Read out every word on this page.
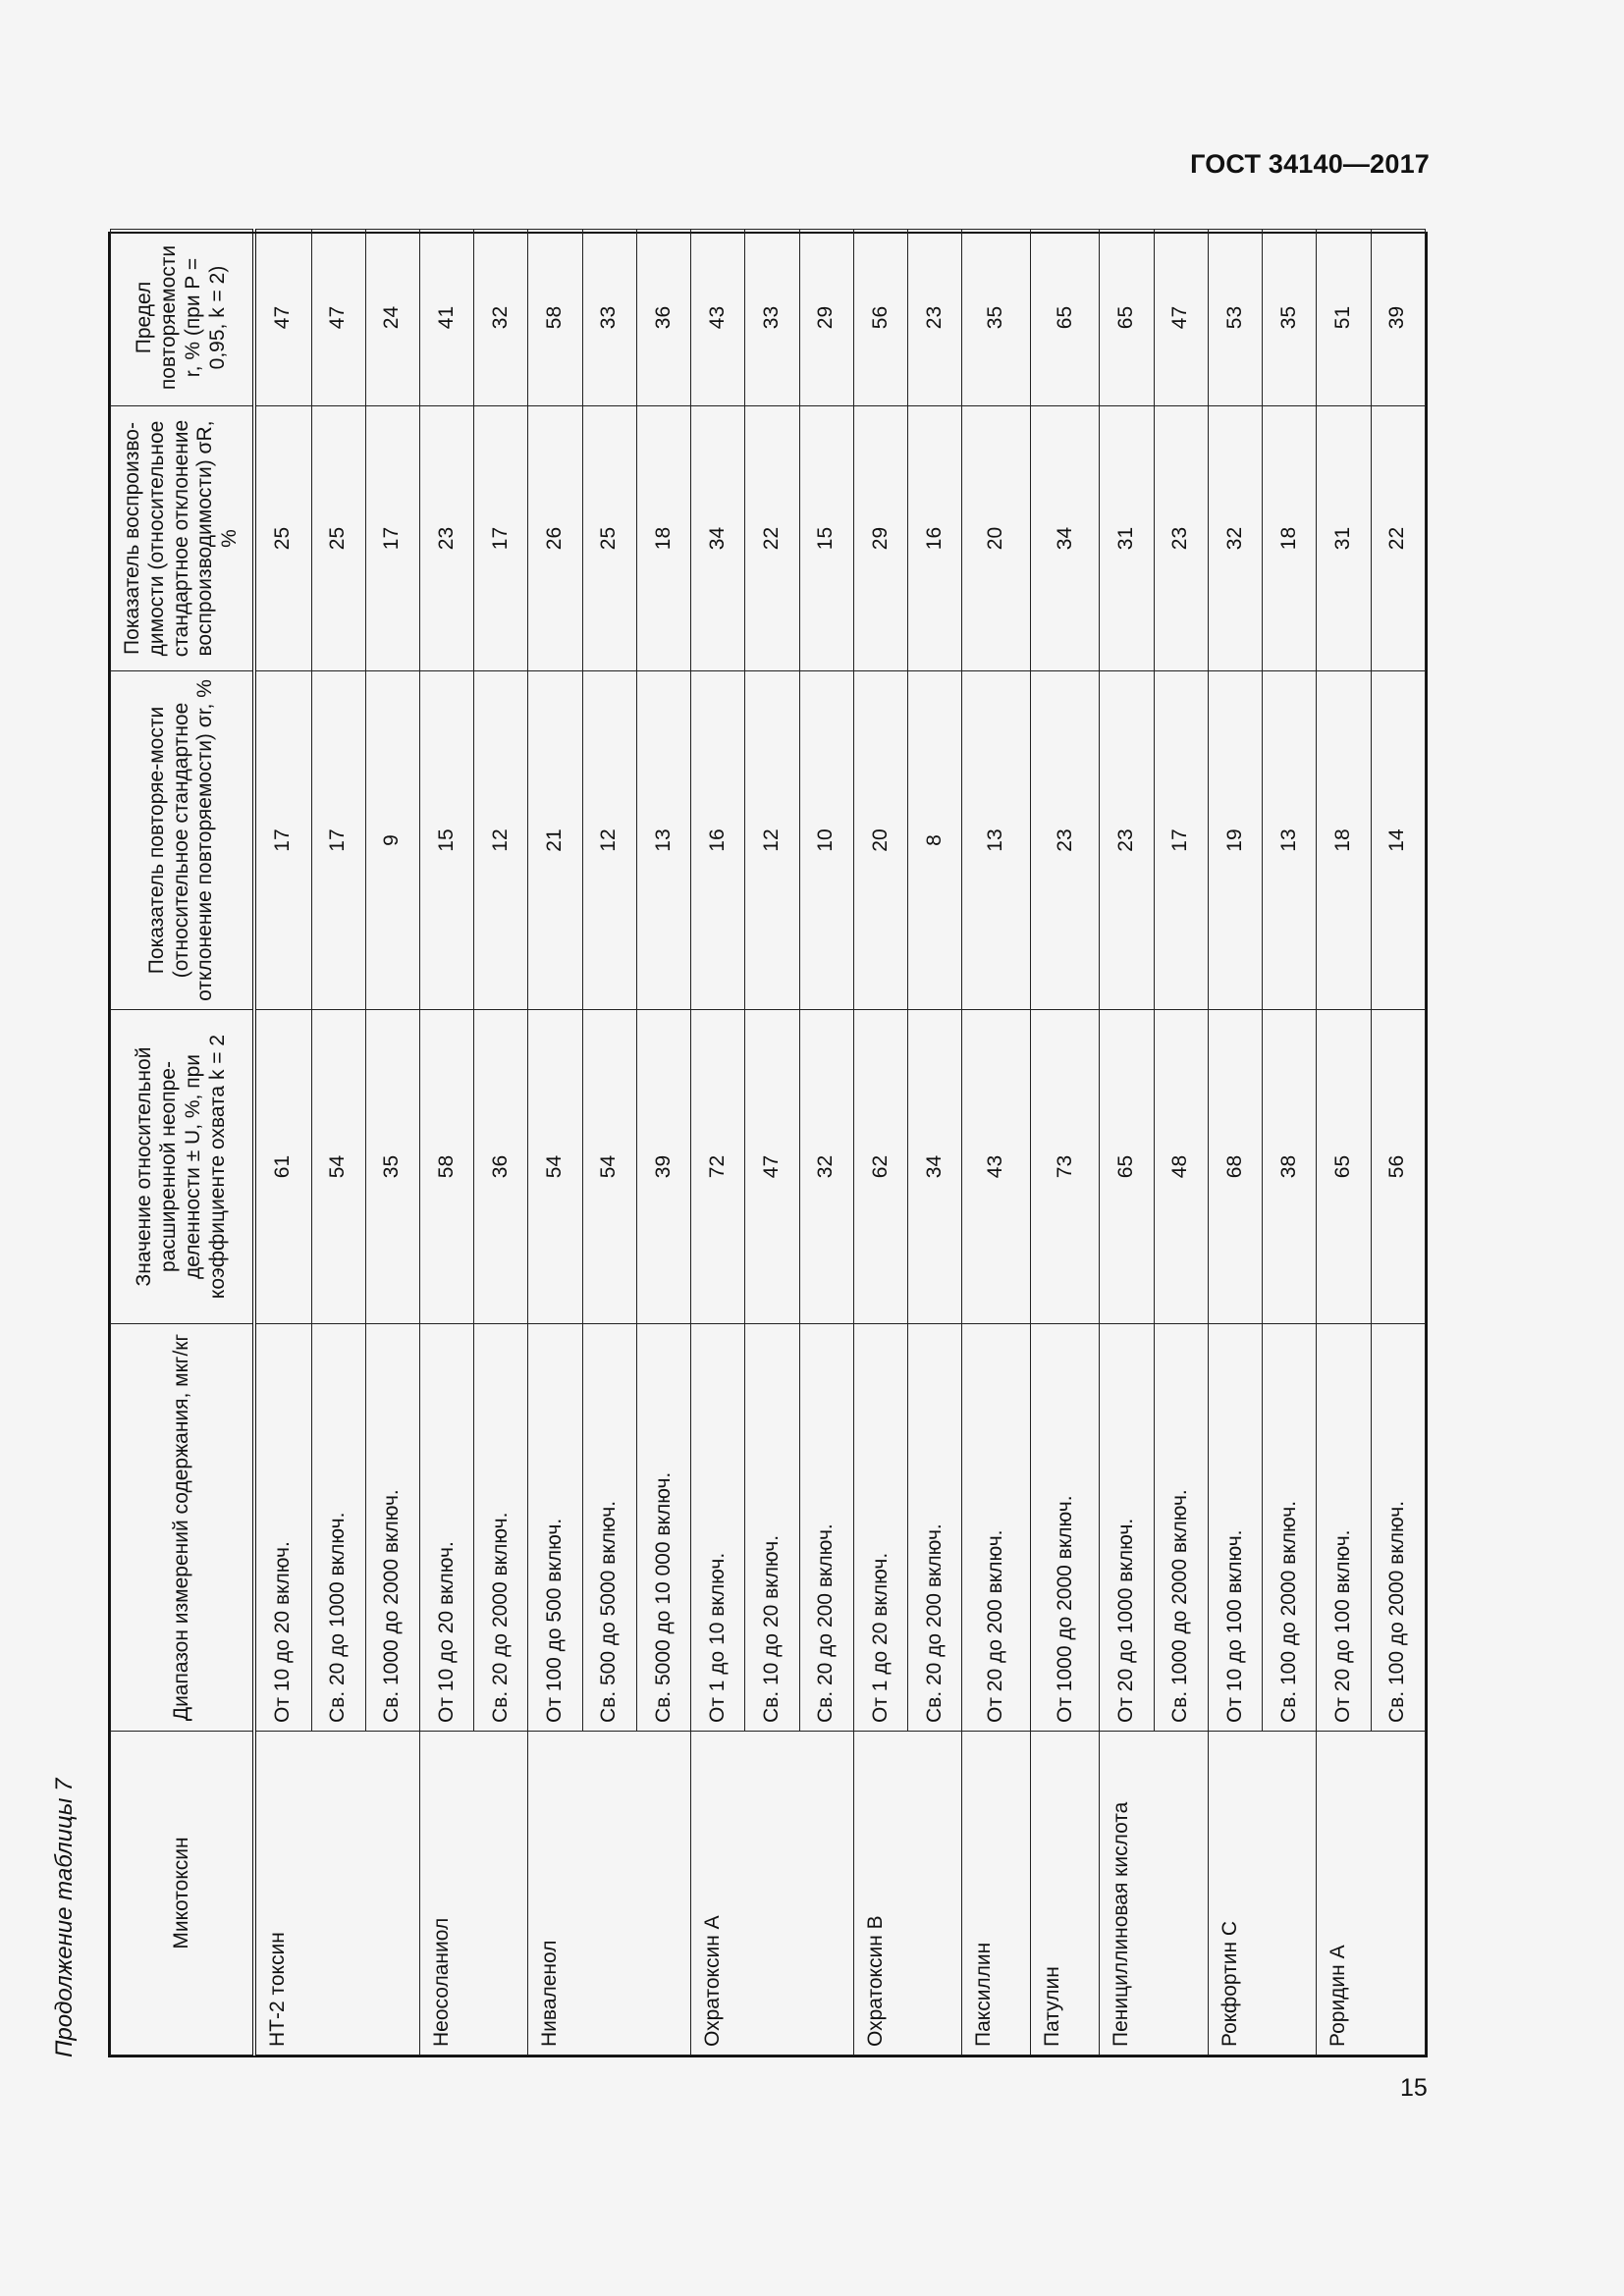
ГОСТ 34140—2017
Продолжение таблицы 7	Микотоксин	Диапазон измерений содержания, мкг/кг	Значение относительной расширенной неопре-деленности ± U, %, при коэффициенте охвата k = 2	Показатель повторяе-мости (относительное стандартное отклонение повторяемости) σr, %	Показатель воспроизво-димости (относительное стандартное отклонение воспроизводимости) σR, %	Предел повторяемости r, % (при P = 0,95, k = 2)
НТ-2 токсин	От 10 до 20 включ.	61	17	25	47
	Св. 20 до 1000 включ.	54	17	25	47
	Св. 1000 до 2000 включ.	35	9	17	24
Неосоланиол	От 10 до 20 включ.	58	15	23	41
	Св. 20 до 2000 включ.	36	12	17	32
Ниваленол	От 100 до 500 включ.	54	21	26	58
	Св. 500 до 5000 включ.	54	12	25	33
	Св. 5000 до 10 000 включ.	39	13	18	36
Охратоксин А	От 1 до 10 включ.	72	16	34	43
	Св. 10 до 20 включ.	47	12	22	33
	Св. 20 до 200 включ.	32	10	15	29
Охратоксин В	От 1 до 20 включ.	62	20	29	56
	Св. 20 до 200 включ.	34	8	16	23
Паксиллин	От 20 до 200 включ.	43	13	20	35
Патулин	От 1000 до 2000 включ.	73	23	34	65
Пенициллиновая кислота	От 20 до 1000 включ.	65	23	31	65
	Св. 1000 до 2000 включ.	48	17	23	47
Рокфортин С	От 10 до 100 включ.	68	19	32	53
	Св. 100 до 2000 включ.	38	13	18	35
Роридин А	От 20 до 100 включ.	65	18	31	51
	Св. 100 до 2000 включ.	56	14	22	39
15
